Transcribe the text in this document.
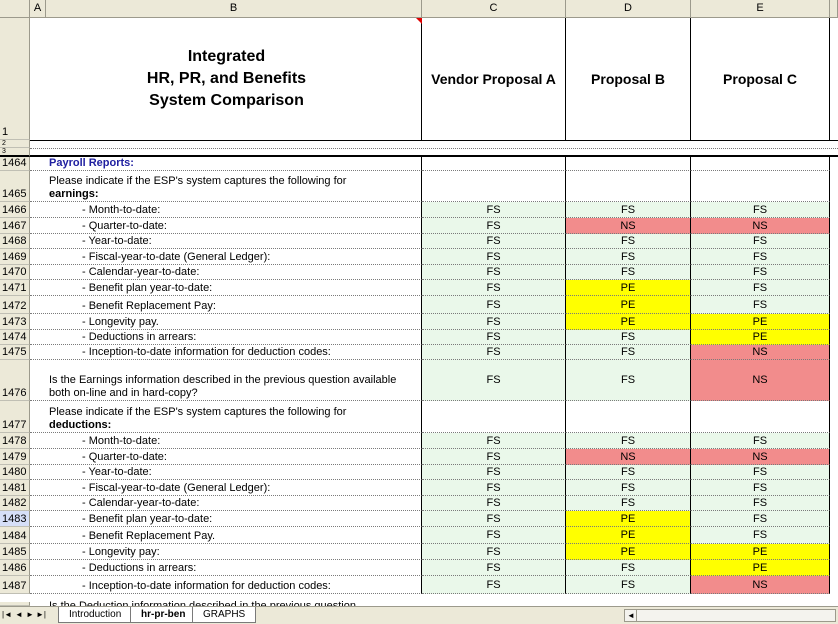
A	B	C	D	E
1
Integrated
HR, PR, and Benefits
System Comparison
Vendor Proposal A	Proposal B	Proposal C
2
3
1464	Payroll Reports:
1465
Please indicate if the ESP's system captures the following for
earnings:
1466	- Month-to-date:	FS	FS	FS
1467	- Quarter-to-date:	FS	NS	NS
1468	- Year-to-date:	FS	FS	FS
1469	- Fiscal-year-to-date (General Ledger):	FS	FS	FS
1470	- Calendar-year-to-date:	FS	FS	FS
1471	- Benefit plan year-to-date:	FS	PE	FS
1472	- Benefit Replacement Pay:	FS	PE	FS
1473	- Longevity pay.	FS	PE	PE
1474	- Deductions in arrears:	FS	FS	PE
1475	- Inception-to-date information for deduction codes:	FS	FS	NS
1476
Is the Earnings information described in the previous question available
both on-line and in hard-copy?
FS	FS	NS
1477
Please indicate if the ESP's system captures the following for
deductions:
1478	- Month-to-date:	FS	FS	FS
1479	- Quarter-to-date:	FS	NS	NS
1480	- Year-to-date:	FS	FS	FS
1481	- Fiscal-year-to-date (General Ledger):	FS	FS	FS
1482	- Calendar-year-to-date:	FS	FS	FS
1483	- Benefit plan year-to-date:	FS	PE	FS
1484	- Benefit Replacement Pay.	FS	PE	FS
1485	- Longevity pay:	FS	PE	PE
1486	- Deductions in arrears:	FS	FS	PE
1487	- Inception-to-date information for deduction codes:	FS	FS	NS
|◄ ◄ ► ►|	Introduction	hr-pr-ben	GRAPHS	◄
